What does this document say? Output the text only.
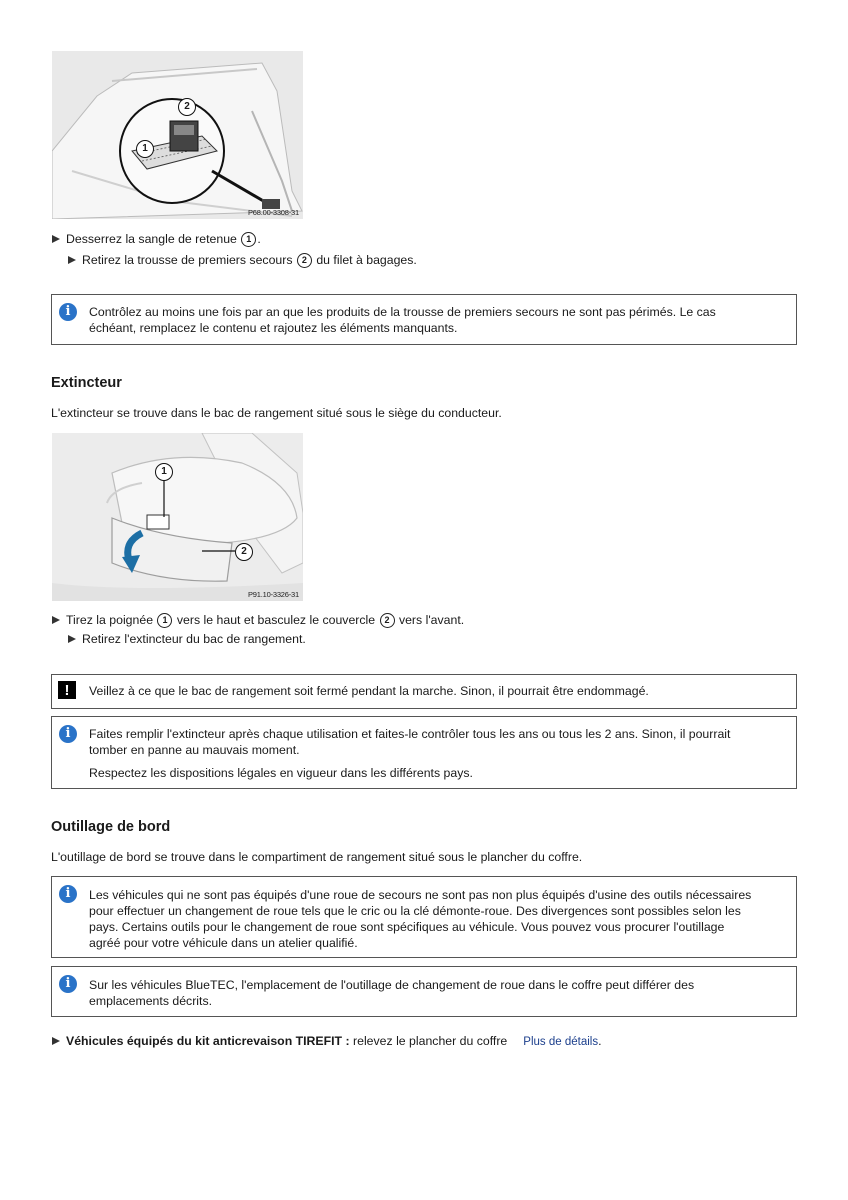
1
2
P68.00-3308-31
Desserrez la sangle de retenue 1 .
Retirez la trousse de premiers secours 2 du filet à bagages.
i	Contrôlez au moins une fois par an que les produits de la trousse de premiers secours ne sont pas périmés. Le cas
échéant, remplacez le contenu et rajoutez les éléments manquants.
Extincteur
L'extincteur se trouve dans le bac de rangement situé sous le siège du conducteur.
1
2
P91.10-3326-31
Tirez la poignée 1 vers le haut et basculez le couvercle 2 vers l'avant.
Retirez l'extincteur du bac de rangement.
!	Veillez à ce que le bac de rangement soit fermé pendant la marche. Sinon, il pourrait être endommagé.
i	Faites remplir l'extincteur après chaque utilisation et faites-le contrôler tous les ans ou tous les 2 ans. Sinon, il pourrait
tomber en panne au mauvais moment.
Respectez les dispositions légales en vigueur dans les différents pays.
Outillage de bord
L'outillage de bord se trouve dans le compartiment de rangement situé sous le plancher du coffre.
i	Les véhicules qui ne sont pas équipés d'une roue de secours ne sont pas non plus équipés d'usine des outils nécessaires
pour effectuer un changement de roue tels que le cric ou la clé démonte-roue. Des divergences sont possibles selon les
pays. Certains outils pour le changement de roue sont spécifiques au véhicule. Vous pouvez vous procurer l'outillage
agréé pour votre véhicule dans un atelier qualifié.
i	Sur les véhicules BlueTEC, l'emplacement de l'outillage de changement de roue dans le coffre peut différer des
emplacements décrits.
Véhicules équipés du kit anticrevaison TIREFIT : relevez le plancher du coffre Plus de détails.
